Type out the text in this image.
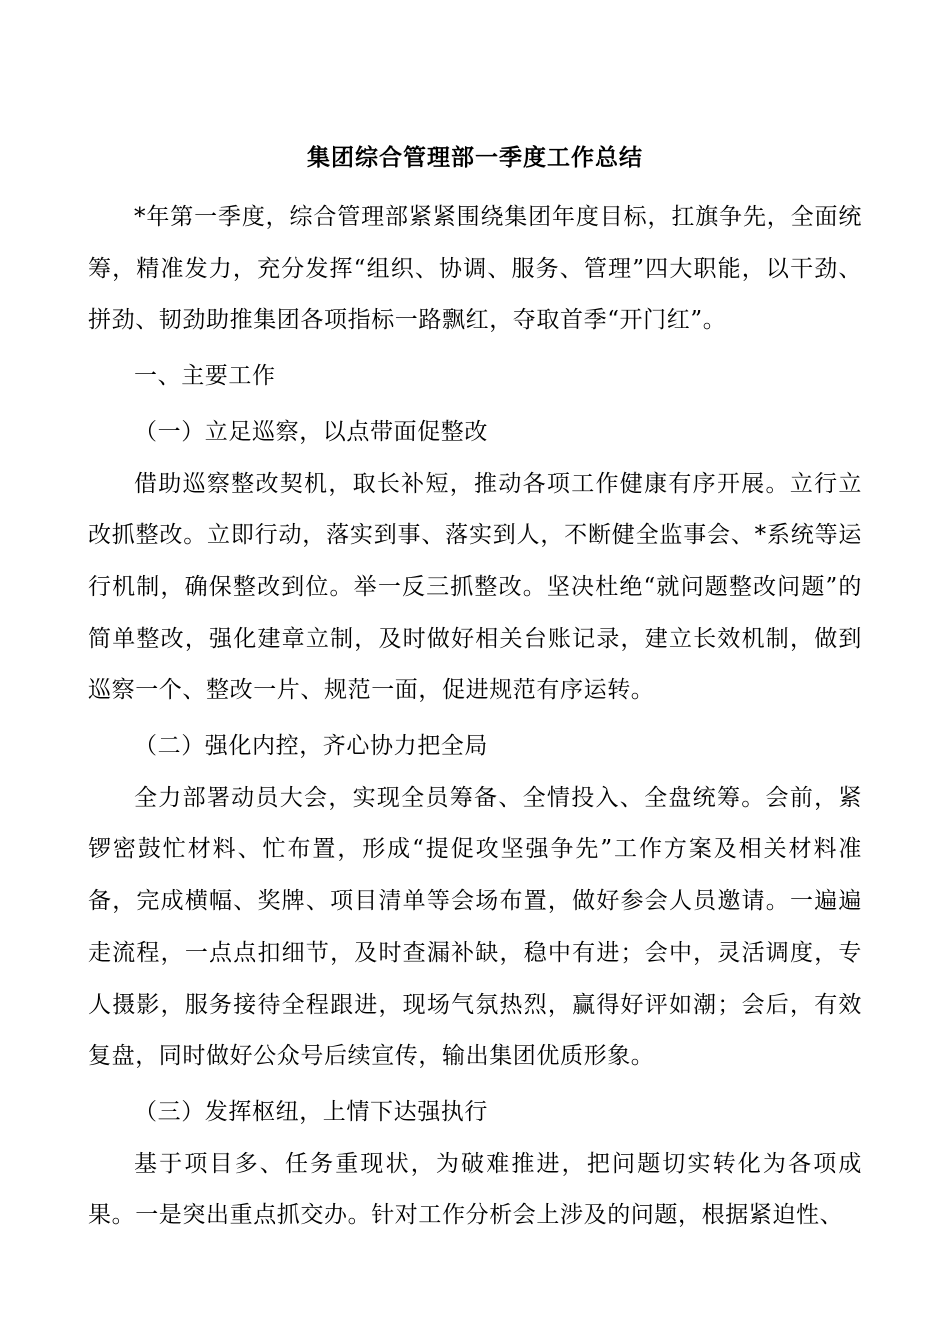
集团综合管理部一季度工作总结

*年第一季度，综合管理部紧紧围绕集团年度目标，扛旗争先，全面统筹，精准发力，充分发挥“组织、协调、服务、管理”四大职能，以干劲、拼劲、韧劲助推集团各项指标一路飘红，夺取首季“开门红”。

一、主要工作
（一）立足巡察，以点带面促整改

借助巡察整改契机，取长补短，推动各项工作健康有序开展。立行立改抓整改。立即行动，落实到事、落实到人，不断健全监事会、*系统等运行机制，确保整改到位。举一反三抓整改。坚决杜绝“就问题整改问题”的简单整改，强化建章立制，及时做好相关台账记录，建立长效机制，做到巡察一个、整改一片、规范一面，促进规范有序运转。

（二）强化内控，齐心协力把全局

全力部署动员大会，实现全员筹备、全情投入、全盘统筹。会前，紧锣密鼓忙材料、忙布置，形成“提促攻坚强争先”工作方案及相关材料准备，完成横幅、奖牌、项目清单等会场布置，做好参会人员邀请。一遍遍走流程，一点点扣细节，及时查漏补缺，稳中有进；会中，灵活调度，专人摄影，服务接待全程跟进，现场气氛热烈，赢得好评如潮；会后，有效复盘，同时做好公众号后续宣传，输出集团优质形象。

（三）发挥枢纽，上情下达强执行

基于项目多、任务重现状，为破难推进，把问题切实转化为各项成果。一是突出重点抓交办。针对工作分析会上涉及的问题，根据紧迫性、
